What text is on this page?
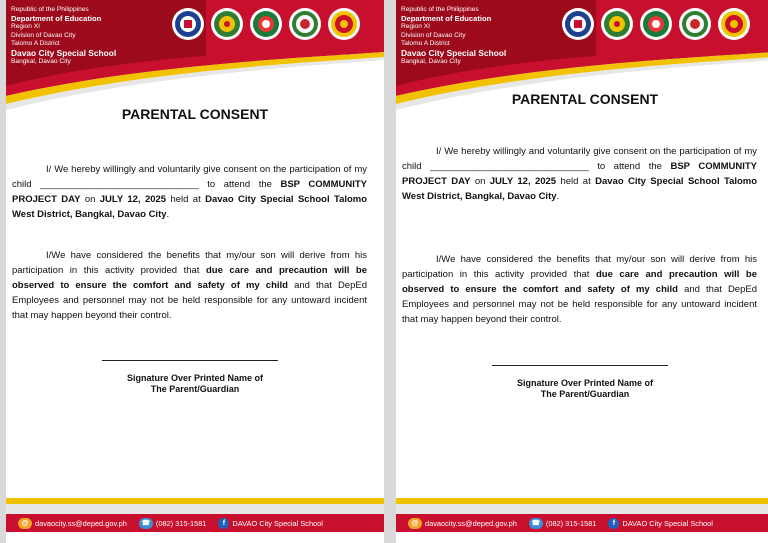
Republic of the Philippines
Department of Education
Region XI
Division of Davao City
Talomo A District
Davao City Special School
Bangkal, Davao City
PARENTAL CONSENT
I/ We hereby willingly and voluntarily give consent on the participation of my child ______________________________ to attend the BSP COMMUNITY PROJECT DAY on JULY 12, 2025 held at Davao City Special School Talomo West District, Bangkal, Davao City.
I/We have considered the benefits that my/our son will derive from his participation in this activity provided that due care and precaution will be observed to ensure the comfort and safety of my child and that DepEd Employees and personnel may not be held responsible for any untoward incident that may happen beyond their control.
Signature Over Printed Name of
The Parent/Guardian
@ davaocity.ss@deped.gov.ph	☎ (082) 315-1581	f DAVAO City Special School
Republic of the Philippines
Department of Education
Region XI
Division of Davao City
Talomo A District
Davao City Special School
Bangkal, Davao City
PARENTAL CONSENT
I/ We hereby willingly and voluntarily give consent on the participation of my child ______________________________ to attend the BSP COMMUNITY PROJECT DAY on JULY 12, 2025 held at Davao City Special School Talomo West District, Bangkal, Davao City.
I/We have considered the benefits that my/our son will derive from his participation in this activity provided that due care and precaution will be observed to ensure the comfort and safety of my child and that DepEd Employees and personnel may not be held responsible for any untoward incident that may happen beyond their control.
Signature Over Printed Name of
The Parent/Guardian
@ davaocity.ss@deped.gov.ph	☎ (082) 315-1581	f DAVAO City Special School
